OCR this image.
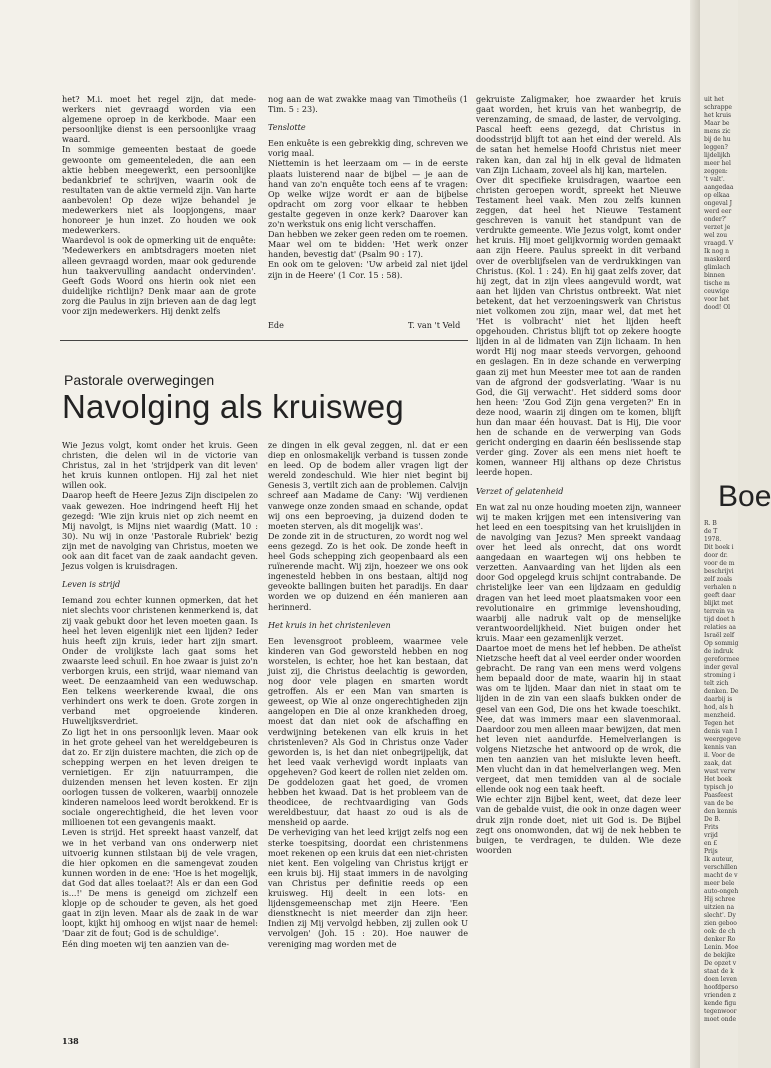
het? M.i. moet het regel zijn, dat mede-werkers niet gevraagd worden via een algemene oproep in de kerkbode. Maar een persoonlijke dienst is een persoonlijke vraag waard.

In sommige gemeenten bestaat de goede gewoonte om gemeenteleden, die aan een aktie hebben meegewerkt, een persoonlijke bedankbrief te schrijven, waarin ook de resultaten van de aktie vermeld zijn. Van harte aanbevolen! Op deze wijze behandel je medewerkers niet als loopjongens, maar honoreer je hun inzet. Zo houden we ook medewerkers.

Waardevol is ook de opmerking uit de enquête: 'Medewerkers en ambtsdragers moeten niet alleen gevraagd worden, maar ook gedurende hun taakvervulling aandacht ondervinden'. Geeft Gods Woord ons hierin ook niet een duidelijke richtlijn? Denk maar aan de grote zorg die Paulus in zijn brieven aan de dag legt voor zijn medewerkers. Hij denkt zelfs

nog aan de wat zwakke maag van Timotheüs (1 Tim. 5 : 23).

Tenslotte

Een enkuête is een gebrekkig ding, schreven we vorig maal.

Niettemin is het leerzaam om — in de eerste plaats luisterend naar de bijbel — je aan de hand van zo'n enquête toch eens af te vragen: Op welke wijze wordt er aan de bijbelse opdracht om zorg voor elkaar te hebben gestalte gegeven in onze kerk? Daarover kan zo'n werkstuk ons enig licht verschaffen.

Dan hebben we zeker geen reden om te roemen.

Maar wel om te bidden: 'Het werk onzer handen, bevestig dat' (Psalm 90 : 17).

En ook om te geloven: 'Uw arbeid zal niet ijdel zijn in de Heere' (1 Cor. 15 : 58).

Ede	T. van 't Veld
Pastorale overwegingen
Navolging als kruisweg

Wie Jezus volgt, komt onder het kruis. Geen christen, die delen wil in de victorie van Christus, zal in het 'strijdperk van dit leven' het kruis kunnen ontlopen. Hij zal het niet willen ook.

Daarop heeft de Heere Jezus Zijn discipelen zo vaak gewezen. Hoe indringend heeft Hij het gezegd: 'Wie zijn kruis niet op zich neemt en Mij navolgt, is Mijns niet waardig (Matt. 10 : 30). Nu wij in onze 'Pastorale Rubriek' bezig zijn met de navolging van Christus, moeten we ook aan dit facet van de zaak aandacht geven. Jezus volgen is kruisdragen.

Leven is strijd

Iemand zou echter kunnen opmerken, dat het niet slechts voor christenen kenmerkend is, dat zij vaak gebukt door het leven moeten gaan. Is heel het leven eigenlijk niet een lijden? Ieder huis heeft zijn kruis, ieder hart zijn smart. Onder de vrolijkste lach gaat soms het zwaarste leed schuil. En hoe zwaar is juist zo'n verborgen kruis, een strijd, waar niemand van weet. De eenzaamheid van een weduwschap. Een telkens weerkerende kwaal, die ons verhindert ons werk te doen. Grote zorgen in verband met opgroeiende kinderen. Huwelijksverdriet.

Zo ligt het in ons persoonlijk leven. Maar ook in het grote geheel van het wereldgebeuren is dat zo. Er zijn duistere machten, die zich op de schepping werpen en het leven dreigen te vernietigen. Er zijn natuurrampen, die duizenden mensen het leven kosten. Er zijn oorlogen tussen de volkeren, waarbij onnozele kinderen nameloos leed wordt berokkend. Er is sociale ongerechtigheid, die het leven voor millioenen tot een gevangenis maakt.

Leven is strijd. Het spreekt haast vanzelf, dat we in het verband van ons onderwerp niet uitvoerig kunnen stilstaan bij de vele vragen, die hier opkomen en die samengevat zouden kunnen worden in de ene: 'Hoe is het mogelijk, dat God dat alles toelaat?! Als er dan een God is...!' De mens is geneigd om zichzelf een klopje op de schouder te geven, als het goed gaat in zijn leven. Maar als de zaak in de war loopt, kijkt hij omhoog en wijst naar de hemel: 'Daar zit de fout; God is de schuldige'.

Eén ding moeten wij ten aanzien van de-

ze dingen in elk geval zeggen, nl. dat er een diep en onlosmakelijk verband is tussen zonde en leed. Op de bodem aller vragen ligt der wereld zondeschuld. Wie hier niet begint bij Genesis 3, vertilt zich aan de problemen. Calvijn schreef aan Madame de Cany: 'Wij verdienen vanwege onze zonden smaad en schande, opdat wij ons een beproeving, ja duizend doden te moeten sterven, als dit mogelijk was'.

De zonde zit in de structuren, zo wordt nog wel eens gezegd. Zo is het ook. De zonde heeft in heel Gods schepping zich geopenbaard als een ruïnerende macht. Wij zijn, hoezeer we ons ook ingenesteld hebben in ons bestaan, altijd nog geveokte ballingen buiten het paradijs. En daar worden we op duizend en één manieren aan herinnerd.

Het kruis in het christenleven

Een levensgroot probleem, waarmee vele kinderen van God geworsteld hebben en nog worstelen, is echter, hoe het kan bestaan, dat juist zij, die Christus deelachtig is geworden, nog door vele plagen en smarten wordt getroffen. Als er een Man van smarten is geweest, op Wie al onze ongerechtigheden zijn aangelopen en Die al onze krankheden droeg, moest dat dan niet ook de afschaffing en verdwijning betekenen van elk kruis in het christenleven? Als God in Christus onze Vader geworden is, is het dan niet onbegrijpelijk, dat het leed vaak verhevigd wordt inplaats van opgeheven? God keert de rollen niet zelden om. De goddelozen gaat het goed, de vromen hebben het kwaad. Dat is het probleem van de theodicee, de rechtvaardiging van Gods wereldbestuur, dat haast zo oud is als de mensheid op aarde.

De verheviging van het leed krijgt zelfs nog een sterke toespitsing, doordat een christenmens moet rekenen op een kruis dat een niet-christen niet kent. Een volgeling van Christus krijgt er een kruis bij. Hij staat immers in de navolging van Christus per definitie reeds op een kruisweg. Hij deelt in een lots- en lijdensgemeenschap met zijn Heere. 'Een dienstknecht is niet meerder dan zijn heer. Indien zij Mij vervolgd hebben, zij zullen ook U vervolgen' (Joh. 15 : 20). Hoe nauwer de vereniging mag worden met de

gekruiste Zaligmaker, hoe zwaarder het kruis gaat worden, het kruis van het wanbegrip, de verenzaming, de smaad, de laster, de vervolging. Pascal heeft eens gezegd, dat Christus in doodsstrijd blijft tot aan het eind der wereld. Als de satan het hemelse Hoofd Christus niet meer raken kan, dan zal hij in elk geval de lidmaten van Zijn Lichaam, zoveel als hij kan, martelen.

Over dit specifieke kruisdragen, waartoe een christen geroepen wordt, spreekt het Nieuwe Testament heel vaak. Men zou zelfs kunnen zeggen, dat heel het Nieuwe Testament geschreven is vanuit het standpunt van de verdrukte gemeente. Wie Jezus volgt, komt onder het kruis. Hij moet gelijkvormig worden gemaakt aan zijn Heere. Paulus spreekt in dit verband over de overblijfselen van de verdrukkingen van Christus. (Kol. 1 : 24). En hij gaat zelfs zover, dat hij zegt, dat in zijn vlees aangevuld wordt, wat aan het lijden van Christus ontbreekt. Wat niet betekent, dat het verzoeningswerk van Christus niet volkomen zou zijn, maar wel, dat met het 'Het is volbracht' niet het lijden heeft opgehouden. Christus blijft tot op zekere hoogte lijden in al de lidmaten van Zijn lichaam. In hen wordt Hij nog maar steeds vervorgen, gehoond en geslagen. En in deze schande en verwerping gaan zij met hun Meester mee tot aan de randen van de afgrond der godsverlating. 'Waar is nu God, die Gij verwacht'. Het sidderd soms door hen heen: 'Zou God Zijn gena vergeten?' En in deze nood, waarin zij dingen om te komen, blijft hun dan maar één houvast. Dat is Hij, Die voor hen de schande en de verwerping van Gods gericht onderging en daarin één beslissende stap verder ging. Zover als een mens niet hoeft te komen, wanneer Hij althans op deze Christus leerde hopen.

Verzet of gelatenheid

En wat zal nu onze houding moeten zijn, wanneer wij te maken krijgen met een intensivering van het leed en een toespitsing van het kruislijden in de navolging van Jezus? Men spreekt vandaag over het leed als onrecht, dat ons wordt aangedaan en waartegen wij ons hebben te verzetten. Aanvaarding van het lijden als een door God opgelegd kruis schijnt contrabande. De christelijke leer van een lijdzaam en geduldig dragen van het leed moet plaatsmaken voor een revolutionaire en grimmige levenshouding, waarbij alle nadruk valt op de menselijke verantwoordelijkheid. Niet buigen onder het kruis. Maar een gezamenlijk verzet.

Daartoe moet de mens het lef hebben. De atheïst Nietzsche heeft dat al veel eerder onder woorden gebracht. De rang van een mens werd volgens hem bepaald door de mate, waarin hij in staat was om te lijden. Maar dan niet in staat om te lijden in de zin van een slaafs bukken onder de gesel van een God, Die ons het kwade toeschikt. Nee, dat was immers maar een slavenmoraal. Daardoor zou men alleen maar bewijzen, dat men het leven niet aandurfde. Hemelverlangen is volgens Nietzsche het antwoord op de wrok, die men ten aanzien van het mislukte leven heeft. Men vlucht dan in dat hemelverlangen weg. Men vergeet, dat men temidden van al de sociale ellende ook nog een taak heeft.

Wie echter zijn Bijbel kent, weet, dat deze leer van de gebalde vuist, die ook in onze dagen weer druk zijn ronde doet, niet uit God is. De Bijbel zegt ons onomwonden, dat wij de nek hebben te buigen, te verdragen, te dulden. Wie deze woorden

138

uit het

schrappe

het kruis

Maar be

mens zic

bij de hu

leggen?

lijdelijkh

meer hel

zeggen:

't valt'.

aangedaa

op elkaa

ongeval J

werd eer

onder?'

verzet je

wel zou

vraagd. V

Ik nog n

maskerd

glimlach

binnen

tische m

ceuwige

voor het

dood! Ol

R. B

de T

1978.

Dit boek i

door dr.

voor de m

beschrijvi

zelf zoals

verhalen n

geeft daar

blijkt met

terrein va

tijd doet h

relaties aa

Israël zelf

Op sommig

de indruk

gereformee

inder geval

stroming i

telt zich

denken. De

daarbij is

hod, als h

menzheid.

Tegen het

denis van I

weergegeve

kennis van

il. Voor de

zaak, dat

wust verw

Het boek

typisch jo

Paasfeest

van de be

den kennis

De B.

Frits

vrijd

en £

Prijs

Ik auteur,

verschillen

macht de v

meer bele

auto-ongeh

Hij schree

uitzien na

slecht'. Dy

zien geboo

ook: de ch

denker Ro

Lenin. Moe

de bekijke

De opzet v

staat de k

doen leven

hoofdperso

vrienden z

kende figu

tegenwoor

moet onde

Boe
